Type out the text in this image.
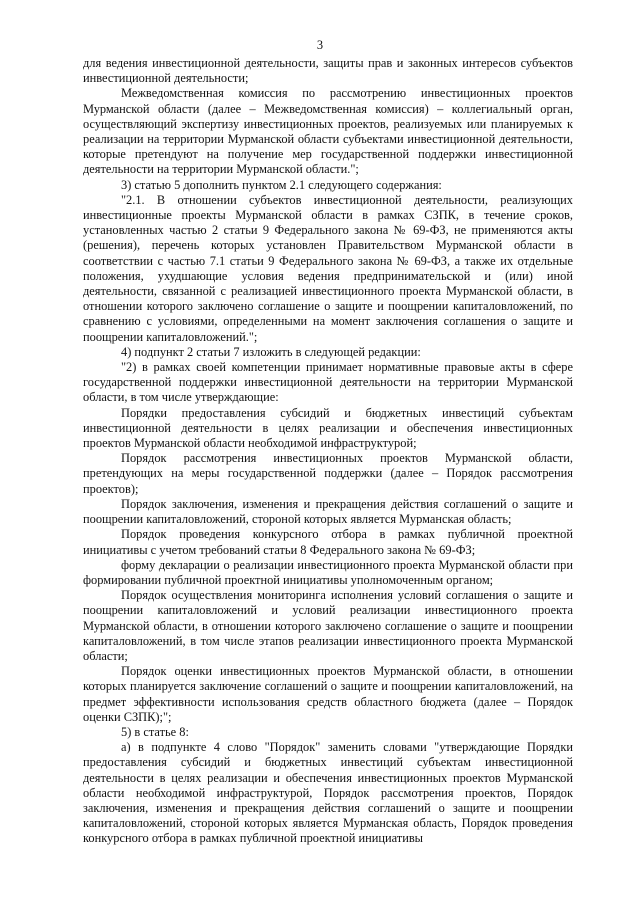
3

для ведения инвестиционной деятельности, защиты прав и законных интересов субъектов инвестиционной деятельности;

Межведомственная комиссия по рассмотрению инвестиционных проектов Мурманской области (далее – Межведомственная комиссия) – коллегиальный орган, осуществляющий экспертизу инвестиционных проектов, реализуемых или планируемых к реализации на территории Мурманской области субъектами инвестиционной деятельности, которые претендуют на получение мер государственной поддержки инвестиционной деятельности на территории Мурманской области.";

3) статью 5 дополнить пунктом 2.1 следующего содержания:

"2.1. В отношении субъектов инвестиционной деятельности, реализующих инвестиционные проекты Мурманской области в рамках СЗПК, в течение сроков, установленных частью 2 статьи 9 Федерального закона № 69-ФЗ, не применяются акты (решения), перечень которых установлен Правительством Мурманской области в соответствии с частью 7.1 статьи 9 Федерального закона № 69-ФЗ, а также их отдельные положения, ухудшающие условия ведения предпринимательской и (или) иной деятельности, связанной с реализацией инвестиционного проекта Мурманской области, в отношении которого заключено соглашение о защите и поощрении капиталовложений, по сравнению с условиями, определенными на момент заключения соглашения о защите и поощрении капиталовложений.";

4) подпункт 2 статьи 7 изложить в следующей редакции:

"2) в рамках своей компетенции принимает нормативные правовые акты в сфере государственной поддержки инвестиционной деятельности на территории Мурманской области, в том числе утверждающие:

Порядки предоставления субсидий и бюджетных инвестиций субъектам инвестиционной деятельности в целях реализации и обеспечения инвестиционных проектов Мурманской области необходимой инфраструктурой;

Порядок рассмотрения инвестиционных проектов Мурманской области, претендующих на меры государственной поддержки (далее – Порядок рассмотрения проектов);

Порядок заключения, изменения и прекращения действия соглашений о защите и поощрении капиталовложений, стороной которых является Мурманская область;

Порядок проведения конкурсного отбора в рамках публичной проектной инициативы с учетом требований статьи 8 Федерального закона № 69-ФЗ;

форму декларации о реализации инвестиционного проекта Мурманской области при формировании публичной проектной инициативы уполномоченным органом;

Порядок осуществления мониторинга исполнения условий соглашения о защите и поощрении капиталовложений и условий реализации инвестиционного проекта Мурманской области, в отношении которого заключено соглашение о защите и поощрении капиталовложений, в том числе этапов реализации инвестиционного проекта Мурманской области;

Порядок оценки инвестиционных проектов Мурманской области, в отношении которых планируется заключение соглашений о защите и поощрении капиталовложений, на предмет эффективности использования средств областного бюджета (далее – Порядок оценки СЗПК);";

5) в статье 8:

а) в подпункте 4 слово "Порядок" заменить словами "утверждающие Порядки предоставления субсидий и бюджетных инвестиций субъектам инвестиционной деятельности в целях реализации и обеспечения инвестиционных проектов Мурманской области необходимой инфраструктурой, Порядок рассмотрения проектов, Порядок заключения, изменения и прекращения действия соглашений о защите и поощрении капиталовложений, стороной которых является Мурманская область, Порядок проведения конкурсного отбора в рамках публичной проектной инициативы
